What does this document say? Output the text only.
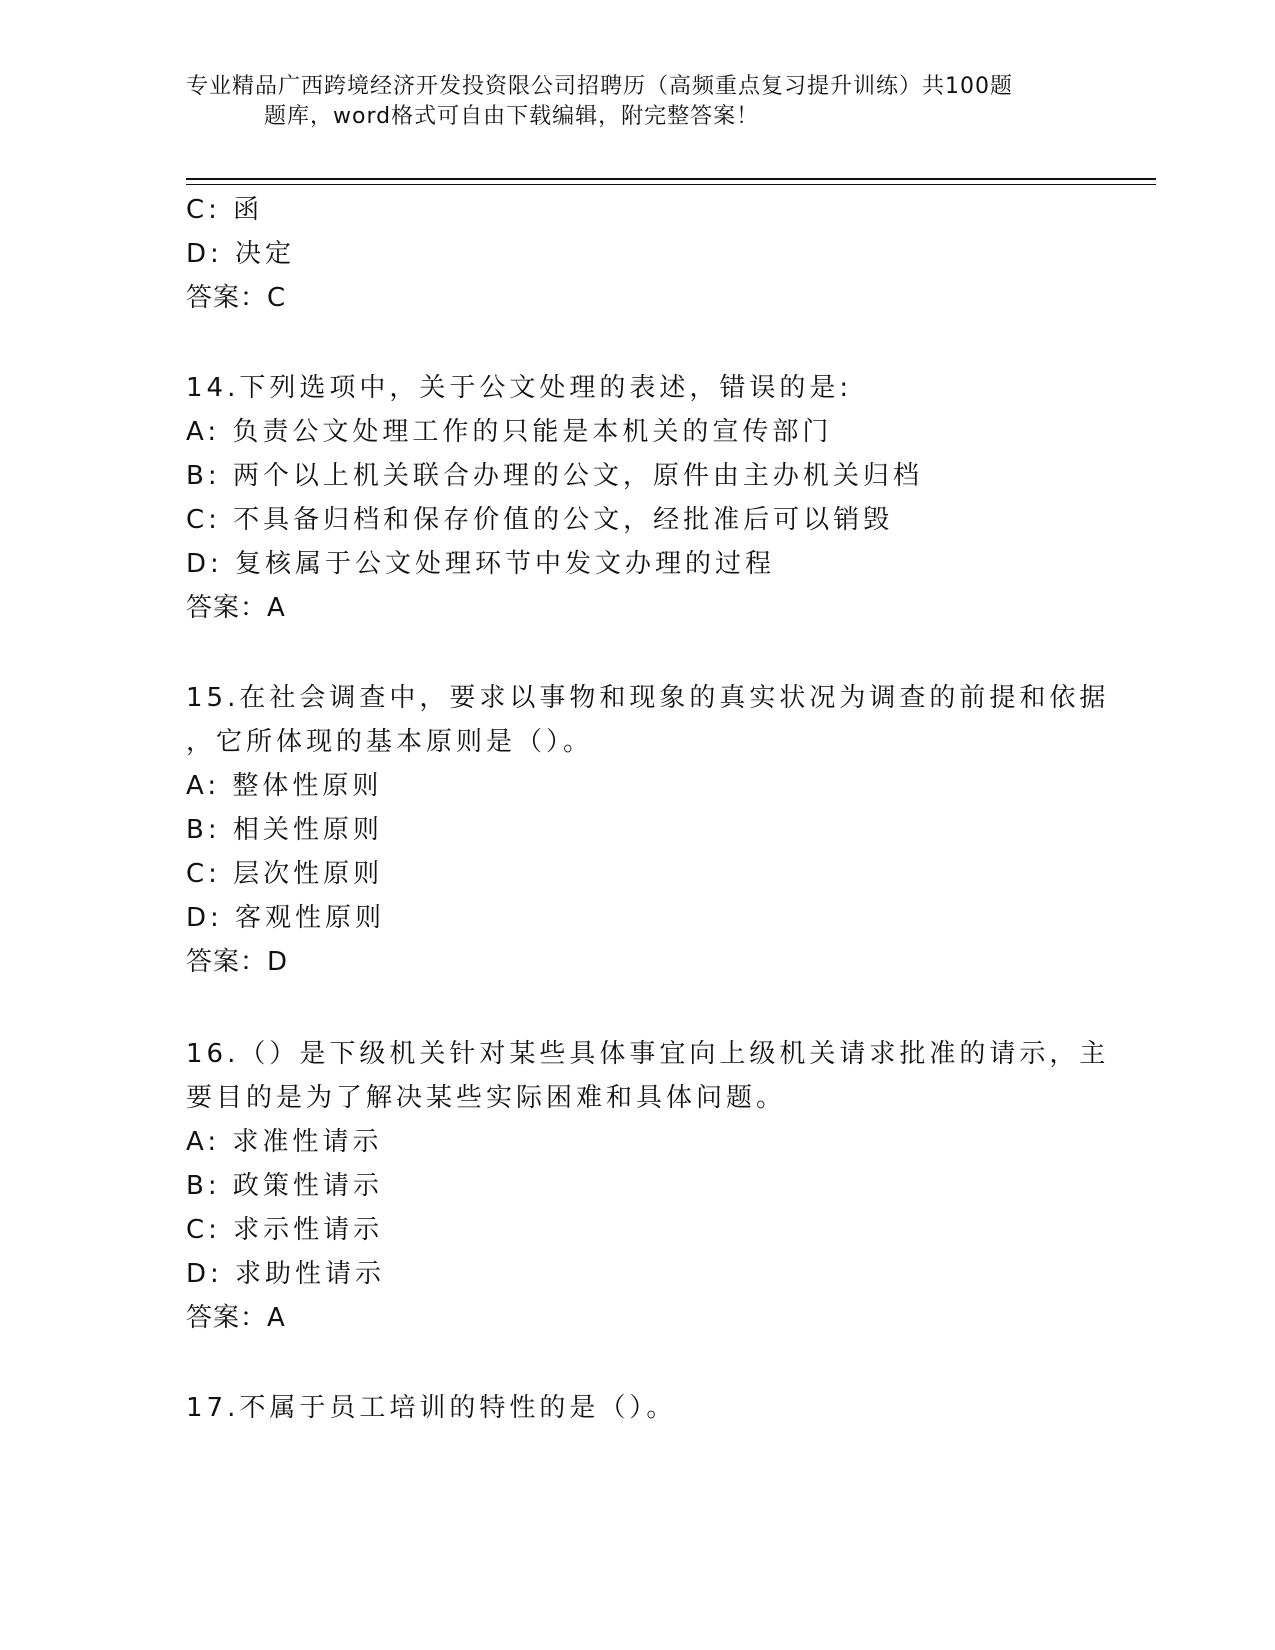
专业精品广西跨境经济开发投资限公司招聘历（高频重点复习提升训练）共100题
题库，word格式可自由下载编辑，附完整答案！
C: 函
D: 决定
答案：C
14.下列选项中，关于公文处理的表述，错误的是:
A: 负责公文处理工作的只能是本机关的宣传部门
B: 两个以上机关联合办理的公文，原件由主办机关归档
C: 不具备归档和保存价值的公文，经批准后可以销毁
D: 复核属于公文处理环节中发文办理的过程
答案：A
15.在社会调查中，要求以事物和现象的真实状况为调查的前提和依据
，它所体现的基本原则是（）。
A: 整体性原则
B: 相关性原则
C: 层次性原则
D: 客观性原则
答案：D
16.（）是下级机关针对某些具体事宜向上级机关请求批准的请示，主
要目的是为了解决某些实际困难和具体问题。
A: 求准性请示
B: 政策性请示
C: 求示性请示
D: 求助性请示
答案：A
17.不属于员工培训的特性的是（）。
